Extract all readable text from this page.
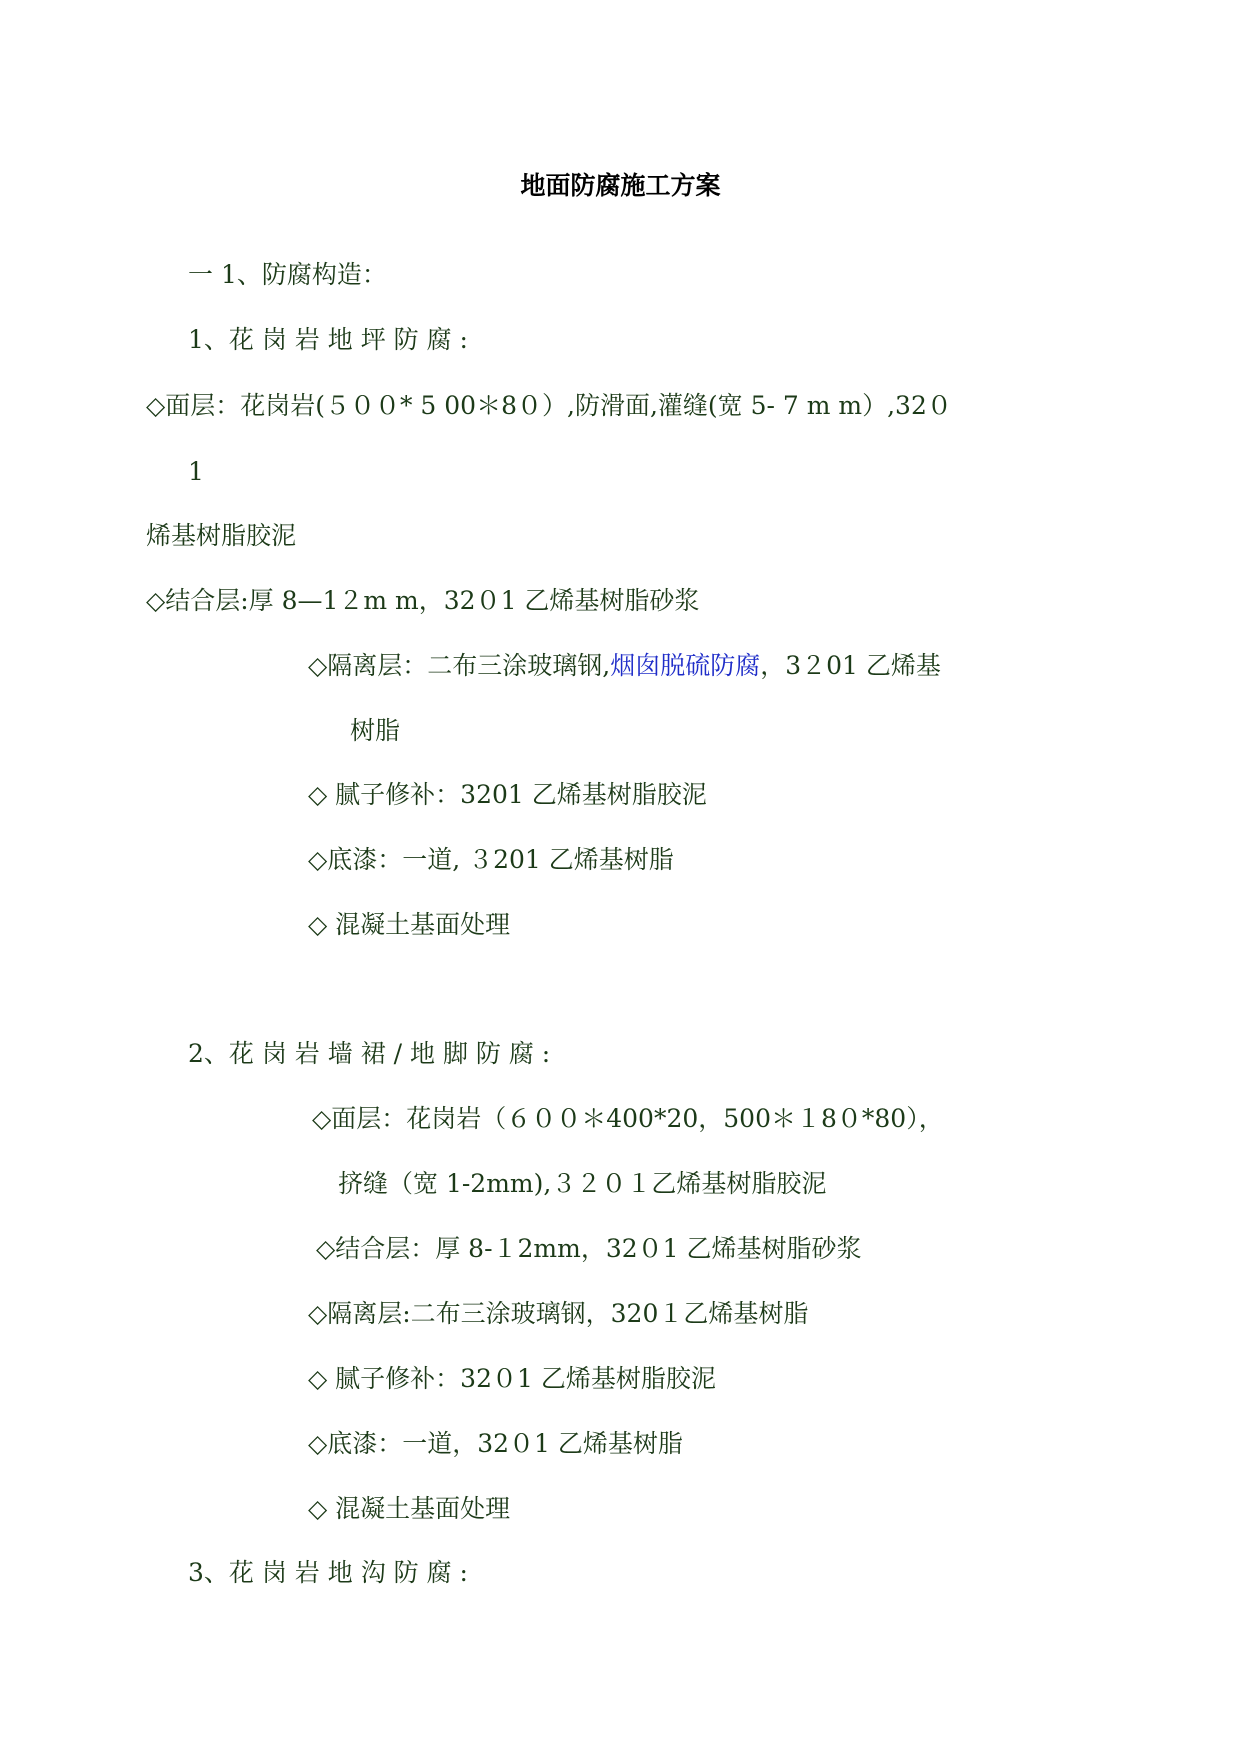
地面防腐施工方案
一 1、防腐构造：
1、花 岗 岩 地 坪 防 腐 :
◇面层：花岗岩(５００* 5 00＊8０）,防滑面,灌缝(宽 5- 7 m m）,32０
1
烯基树脂胶泥
◇结合层:厚 8—1２m m，32０1 乙烯基树脂砂浆
◇隔离层：二布三涂玻璃钢,烟囱脱硫防腐，3２01 乙烯基
树脂
◇ 腻子修补：3201 乙烯基树脂胶泥
◇底漆：一道, ３201 乙烯基树脂
◇ 混凝土基面处理
2、花 岗 岩 墙 裙 / 地 脚 防 腐 :
◇面层：花岗岩（６００＊400*20，500＊１8０*80），
挤缝（宽 1-2mm),３２０１乙烯基树脂胶泥
◇结合层：厚 8-１2mm，32０1 乙烯基树脂砂浆
◇隔离层:二布三涂玻璃钢，320１乙烯基树脂
◇ 腻子修补：32０1 乙烯基树脂胶泥
◇底漆：一道，32０1 乙烯基树脂
◇ 混凝土基面处理
3、花 岗 岩 地 沟 防 腐 :
